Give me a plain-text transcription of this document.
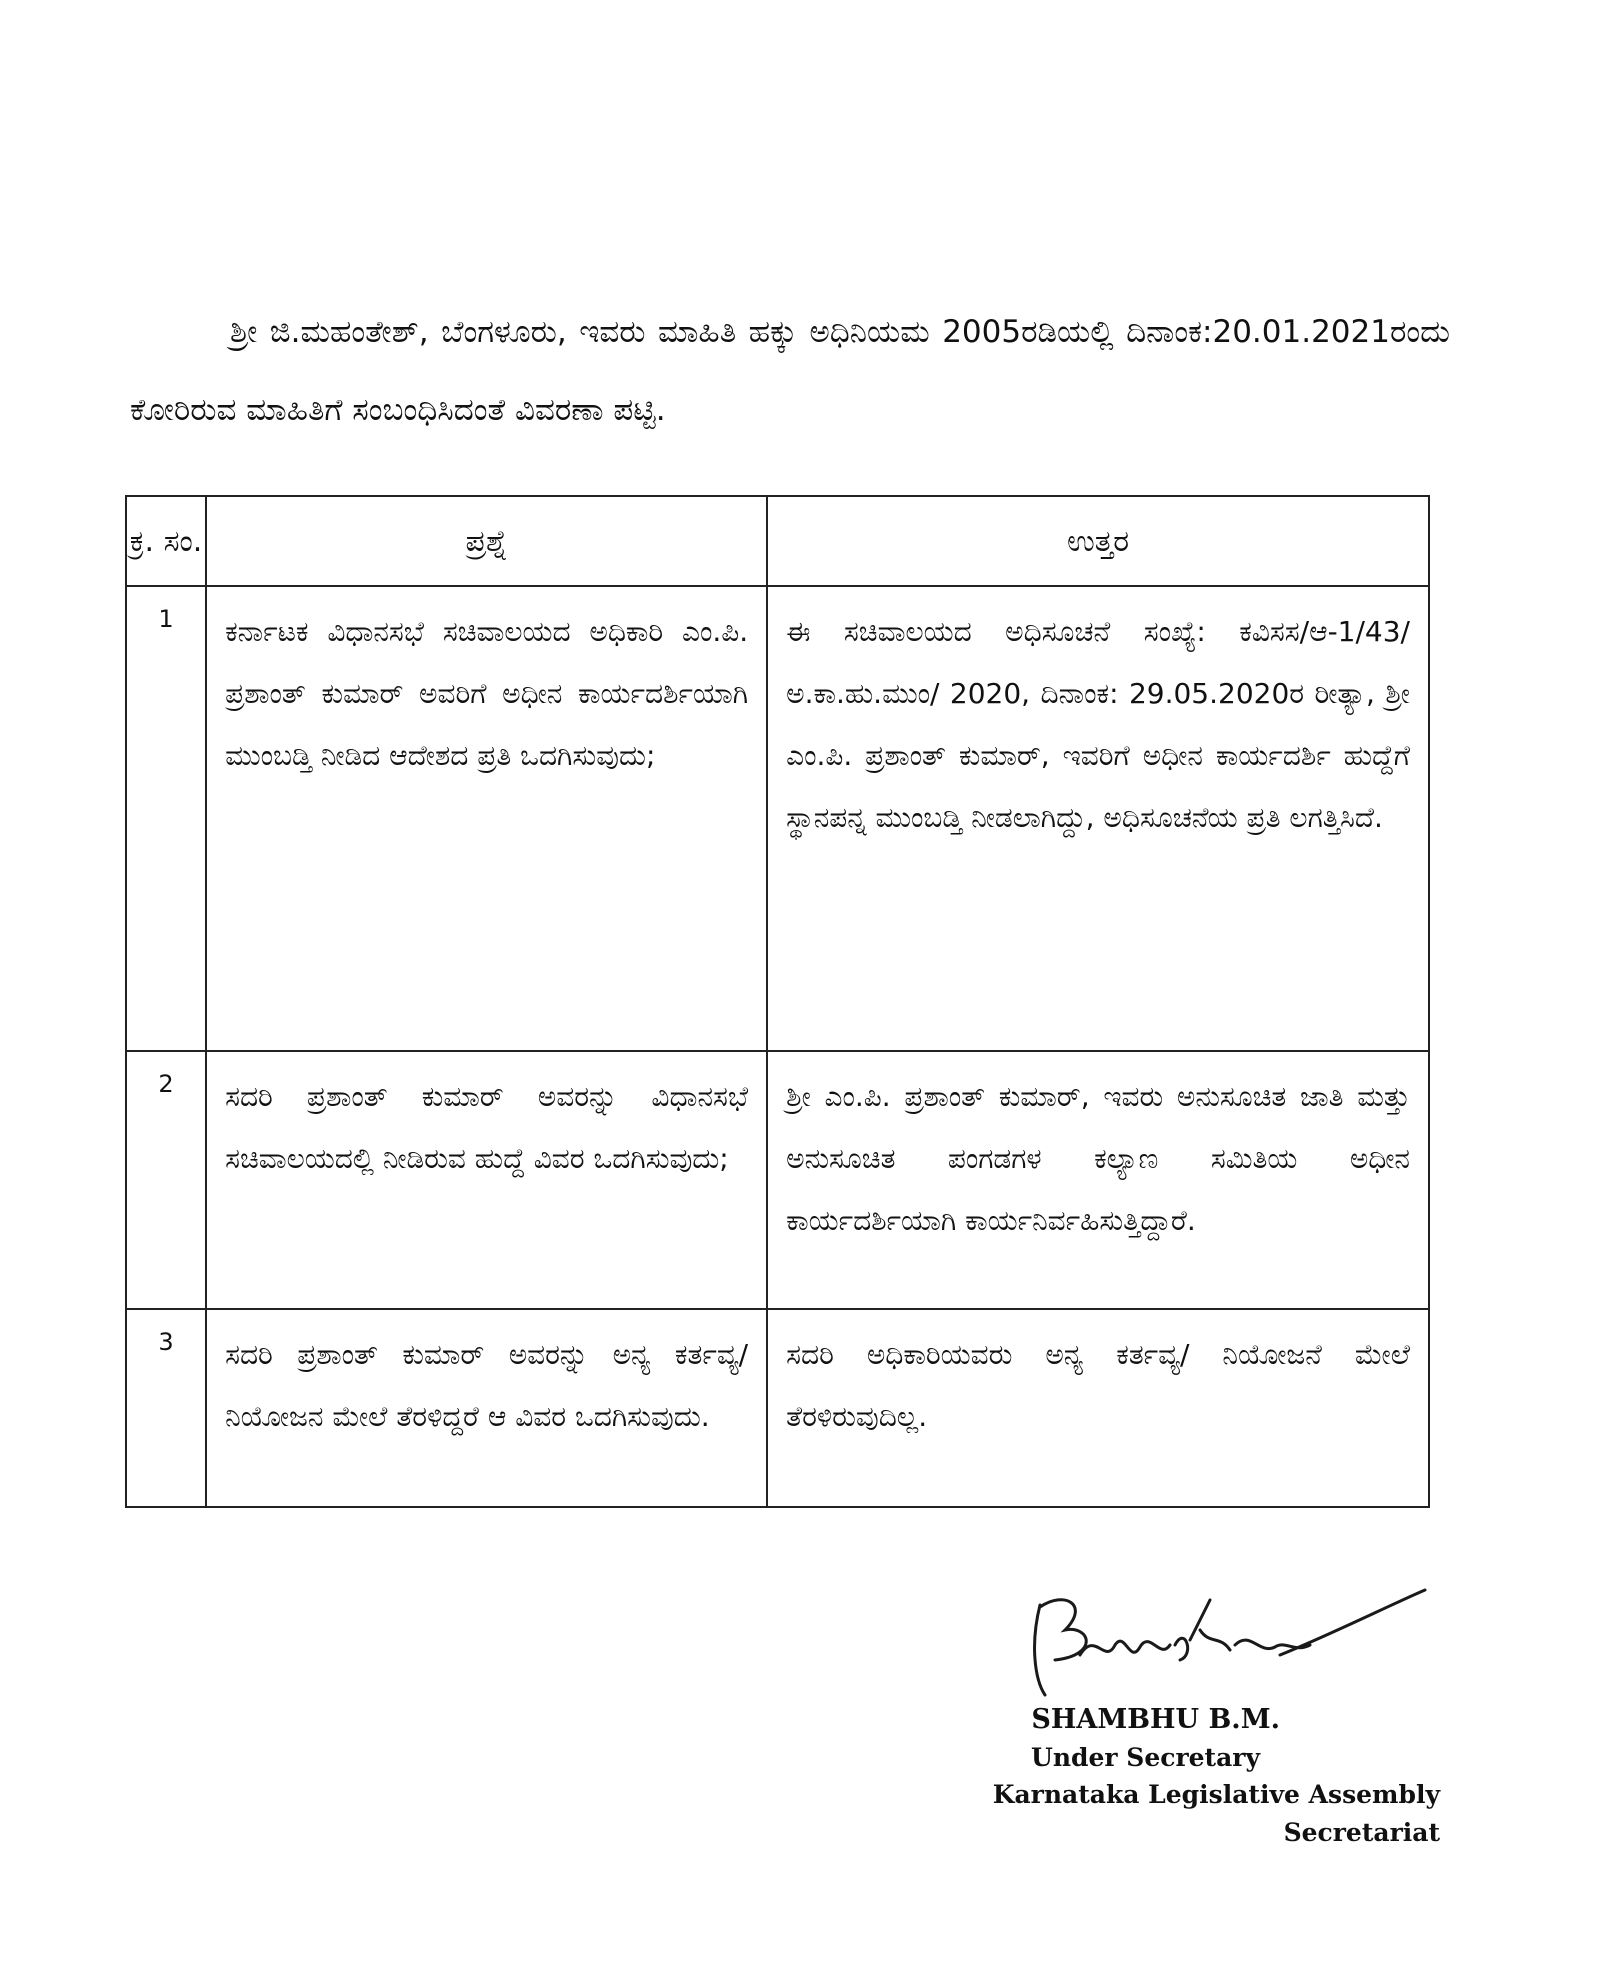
ಶ್ರೀ ಜಿ.ಮಹಂತೇಶ್, ಬೆಂಗಳೂರು, ಇವರು ಮಾಹಿತಿ ಹಕ್ಕು ಅಧಿನಿಯಮ 2005ರಡಿಯಲ್ಲಿ ದಿನಾಂಕ:20.01.2021ರಂದು ಕೋರಿರುವ ಮಾಹಿತಿಗೆ ಸಂಬಂಧಿಸಿದಂತೆ ವಿವರಣಾ ಪಟ್ಟಿ.

ಕ್ರ. ಸಂ.	ಪ್ರಶ್ನೆ	ಉತ್ತರ
1	ಕರ್ನಾಟಕ ವಿಧಾನಸಭೆ ಸಚಿವಾಲಯದ ಅಧಿಕಾರಿ ಎಂ.ಪಿ. ಪ್ರಶಾಂತ್ ಕುಮಾರ್ ಅವರಿಗೆ ಅಧೀನ ಕಾರ್ಯದರ್ಶಿಯಾಗಿ ಮುಂಬಡ್ತಿ ನೀಡಿದ ಆದೇಶದ ಪ್ರತಿ ಒದಗಿಸುವುದು;	ಈ ಸಚಿವಾಲಯದ ಅಧಿಸೂಚನೆ ಸಂಖ್ಯೆ: ಕವಿಸಸ/ಆ-1/43/ಅ.ಕಾ.ಹು.ಮುಂ/ 2020, ದಿನಾಂಕ: 29.05.2020ರ ರೀತ್ಯಾ, ಶ್ರೀ ಎಂ.ಪಿ. ಪ್ರಶಾಂತ್ ಕುಮಾರ್, ಇವರಿಗೆ ಅಧೀನ ಕಾರ್ಯದರ್ಶಿ ಹುದ್ದೆಗೆ ಸ್ಥಾನಪನ್ನ ಮುಂಬಡ್ತಿ ನೀಡಲಾಗಿದ್ದು, ಅಧಿಸೂಚನೆಯ ಪ್ರತಿ ಲಗತ್ತಿಸಿದೆ.
2	ಸದರಿ ಪ್ರಶಾಂತ್ ಕುಮಾರ್ ಅವರನ್ನು ವಿಧಾನಸಭೆ ಸಚಿವಾಲಯದಲ್ಲಿ ನೀಡಿರುವ ಹುದ್ದೆ ವಿವರ ಒದಗಿಸುವುದು;	ಶ್ರೀ ಎಂ.ಪಿ. ಪ್ರಶಾಂತ್ ಕುಮಾರ್, ಇವರು ಅನುಸೂಚಿತ ಜಾತಿ ಮತ್ತು ಅನುಸೂಚಿತ ಪಂಗಡಗಳ ಕಲ್ಯಾಣ ಸಮಿತಿಯ ಅಧೀನ ಕಾರ್ಯದರ್ಶಿಯಾಗಿ ಕಾರ್ಯನಿರ್ವಹಿಸುತ್ತಿದ್ದಾರೆ.
3	ಸದರಿ ಪ್ರಶಾಂತ್ ಕುಮಾರ್ ಅವರನ್ನು ಅನ್ಯ ಕರ್ತವ್ಯ/ ನಿಯೋಜನ ಮೇಲೆ ತೆರಳಿದ್ದರೆ ಆ ವಿವರ ಒದಗಿಸುವುದು.	ಸದರಿ ಅಧಿಕಾರಿಯವರು ಅನ್ಯ ಕರ್ತವ್ಯ/ ನಿಯೋಜನೆ ಮೇಲೆ ತೆರಳಿರುವುದಿಲ್ಲ.
SHAMBHU B.M.
Under Secretary
Karnataka Legislative Assembly Secretariat
